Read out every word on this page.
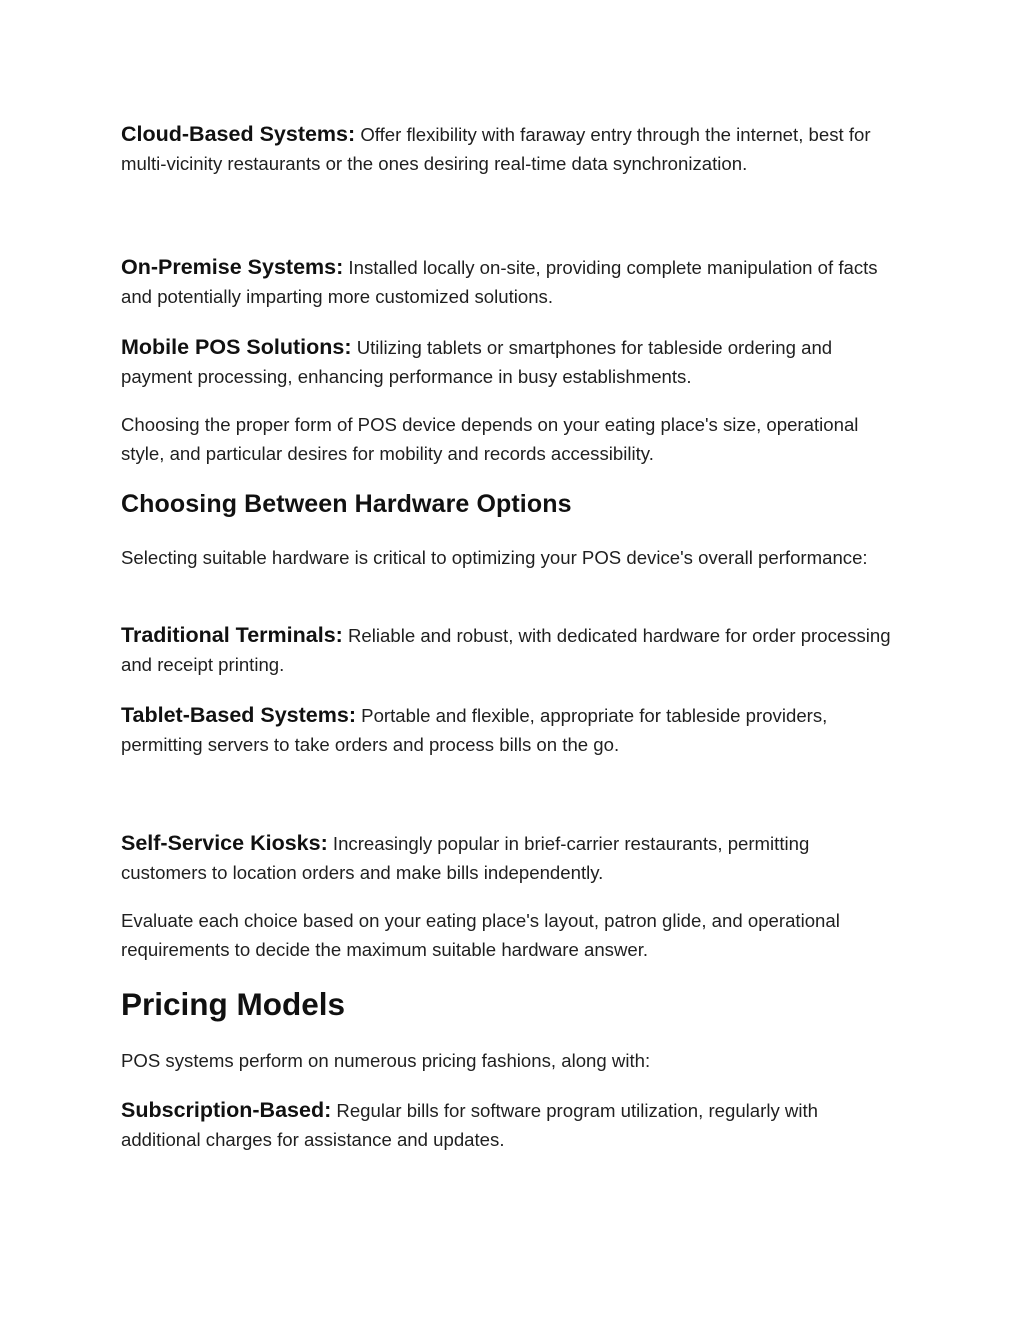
Cloud-Based Systems: Offer flexibility with faraway entry through the internet, best for multi-vicinity restaurants or the ones desiring real-time data synchronization.

On-Premise Systems: Installed locally on-site, providing complete manipulation of facts and potentially imparting more customized solutions.

Mobile POS Solutions: Utilizing tablets or smartphones for tableside ordering and payment processing, enhancing performance in busy establishments.

Choosing the proper form of POS device depends on your eating place's size, operational style, and particular desires for mobility and records accessibility.

Choosing Between Hardware Options

Selecting suitable hardware is critical to optimizing your POS device's overall performance:

Traditional Terminals: Reliable and robust, with dedicated hardware for order processing and receipt printing.

Tablet-Based Systems: Portable and flexible, appropriate for tableside providers, permitting servers to take orders and process bills on the go.

Self-Service Kiosks: Increasingly popular in brief-carrier restaurants, permitting customers to location orders and make bills independently.

Evaluate each choice based on your eating place's layout, patron glide, and operational requirements to decide the maximum suitable hardware answer.

Pricing Models

POS systems perform on numerous pricing fashions, along with:

Subscription-Based: Regular bills for software program utilization, regularly with additional charges for assistance and updates.
